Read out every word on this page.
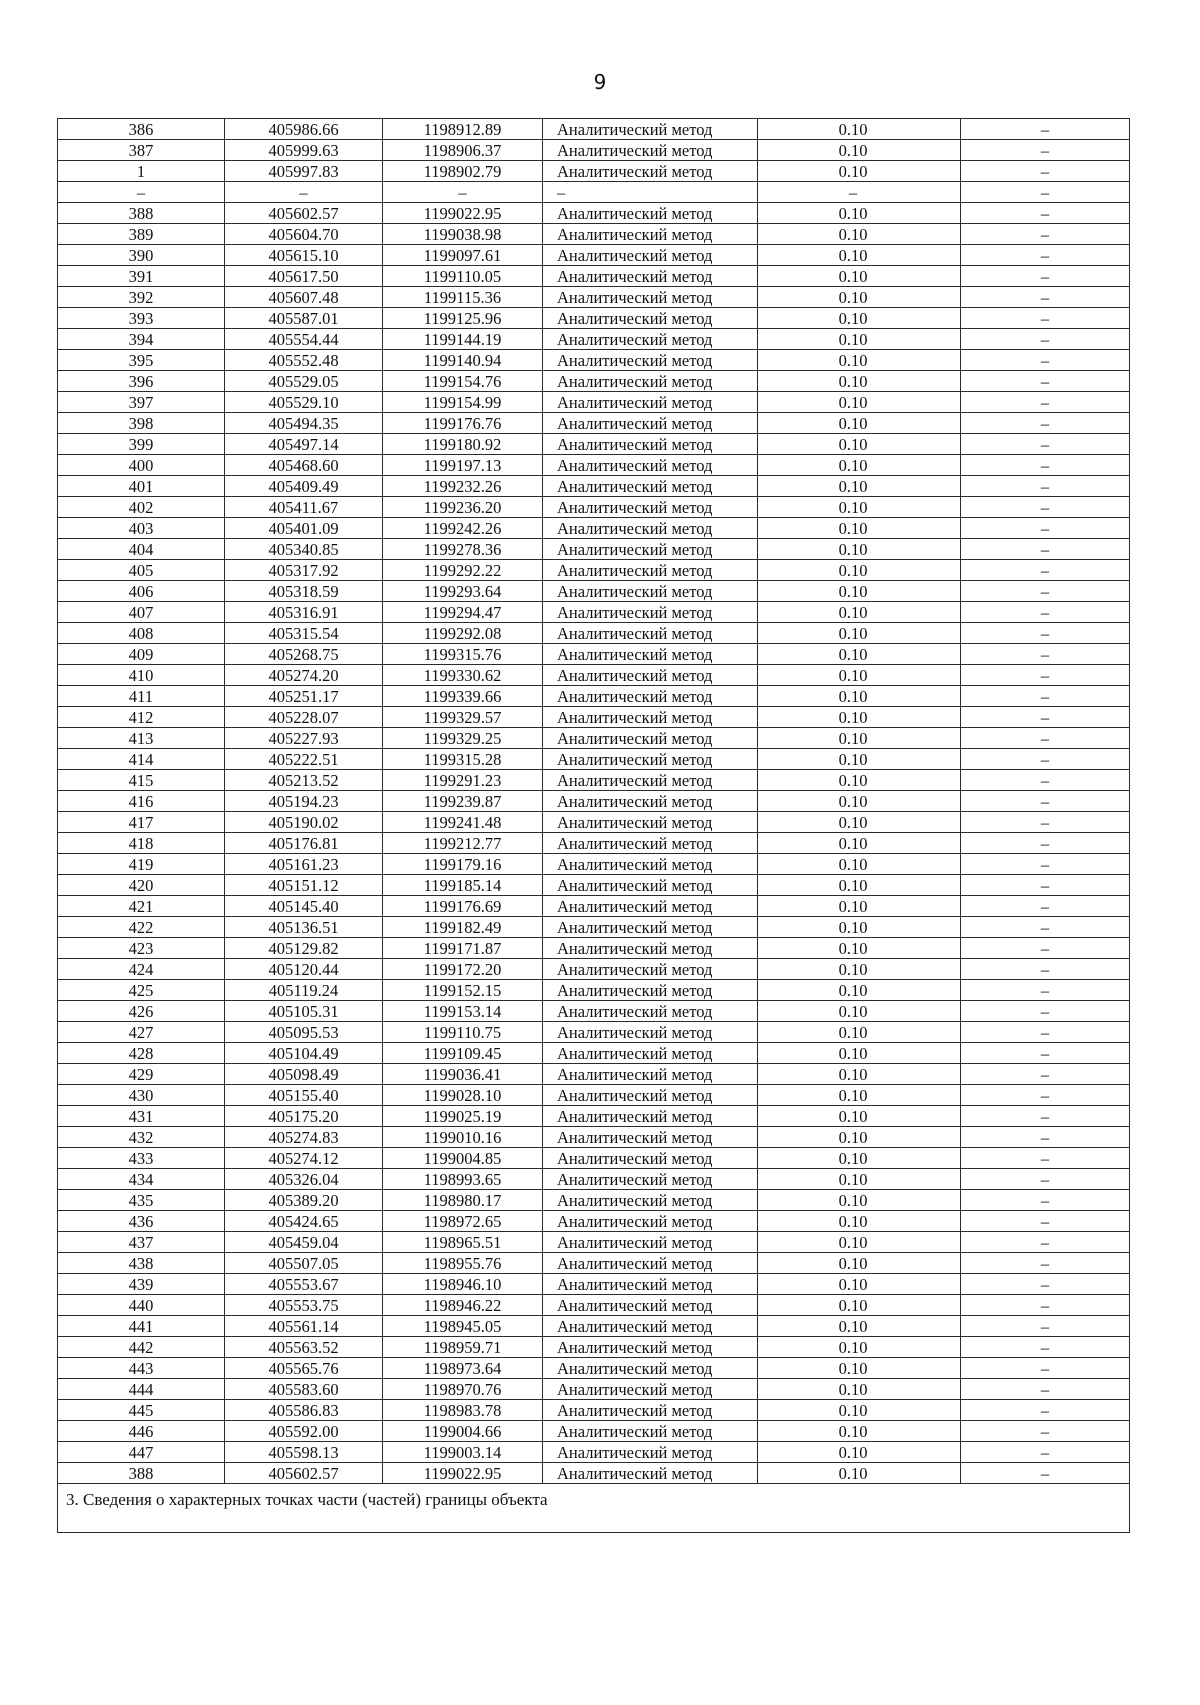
9
386	405986.66	1198912.89	Аналитический метод	0.10	–
387	405999.63	1198906.37	Аналитический метод	0.10	–
1	405997.83	1198902.79	Аналитический метод	0.10	–
–	–	–	–	–	–
388	405602.57	1199022.95	Аналитический метод	0.10	–
389	405604.70	1199038.98	Аналитический метод	0.10	–
390	405615.10	1199097.61	Аналитический метод	0.10	–
391	405617.50	1199110.05	Аналитический метод	0.10	–
392	405607.48	1199115.36	Аналитический метод	0.10	–
393	405587.01	1199125.96	Аналитический метод	0.10	–
394	405554.44	1199144.19	Аналитический метод	0.10	–
395	405552.48	1199140.94	Аналитический метод	0.10	–
396	405529.05	1199154.76	Аналитический метод	0.10	–
397	405529.10	1199154.99	Аналитический метод	0.10	–
398	405494.35	1199176.76	Аналитический метод	0.10	–
399	405497.14	1199180.92	Аналитический метод	0.10	–
400	405468.60	1199197.13	Аналитический метод	0.10	–
401	405409.49	1199232.26	Аналитический метод	0.10	–
402	405411.67	1199236.20	Аналитический метод	0.10	–
403	405401.09	1199242.26	Аналитический метод	0.10	–
404	405340.85	1199278.36	Аналитический метод	0.10	–
405	405317.92	1199292.22	Аналитический метод	0.10	–
406	405318.59	1199293.64	Аналитический метод	0.10	–
407	405316.91	1199294.47	Аналитический метод	0.10	–
408	405315.54	1199292.08	Аналитический метод	0.10	–
409	405268.75	1199315.76	Аналитический метод	0.10	–
410	405274.20	1199330.62	Аналитический метод	0.10	–
411	405251.17	1199339.66	Аналитический метод	0.10	–
412	405228.07	1199329.57	Аналитический метод	0.10	–
413	405227.93	1199329.25	Аналитический метод	0.10	–
414	405222.51	1199315.28	Аналитический метод	0.10	–
415	405213.52	1199291.23	Аналитический метод	0.10	–
416	405194.23	1199239.87	Аналитический метод	0.10	–
417	405190.02	1199241.48	Аналитический метод	0.10	–
418	405176.81	1199212.77	Аналитический метод	0.10	–
419	405161.23	1199179.16	Аналитический метод	0.10	–
420	405151.12	1199185.14	Аналитический метод	0.10	–
421	405145.40	1199176.69	Аналитический метод	0.10	–
422	405136.51	1199182.49	Аналитический метод	0.10	–
423	405129.82	1199171.87	Аналитический метод	0.10	–
424	405120.44	1199172.20	Аналитический метод	0.10	–
425	405119.24	1199152.15	Аналитический метод	0.10	–
426	405105.31	1199153.14	Аналитический метод	0.10	–
427	405095.53	1199110.75	Аналитический метод	0.10	–
428	405104.49	1199109.45	Аналитический метод	0.10	–
429	405098.49	1199036.41	Аналитический метод	0.10	–
430	405155.40	1199028.10	Аналитический метод	0.10	–
431	405175.20	1199025.19	Аналитический метод	0.10	–
432	405274.83	1199010.16	Аналитический метод	0.10	–
433	405274.12	1199004.85	Аналитический метод	0.10	–
434	405326.04	1198993.65	Аналитический метод	0.10	–
435	405389.20	1198980.17	Аналитический метод	0.10	–
436	405424.65	1198972.65	Аналитический метод	0.10	–
437	405459.04	1198965.51	Аналитический метод	0.10	–
438	405507.05	1198955.76	Аналитический метод	0.10	–
439	405553.67	1198946.10	Аналитический метод	0.10	–
440	405553.75	1198946.22	Аналитический метод	0.10	–
441	405561.14	1198945.05	Аналитический метод	0.10	–
442	405563.52	1198959.71	Аналитический метод	0.10	–
443	405565.76	1198973.64	Аналитический метод	0.10	–
444	405583.60	1198970.76	Аналитический метод	0.10	–
445	405586.83	1198983.78	Аналитический метод	0.10	–
446	405592.00	1199004.66	Аналитический метод	0.10	–
447	405598.13	1199003.14	Аналитический метод	0.10	–
388	405602.57	1199022.95	Аналитический метод	0.10	–
3. Сведения о характерных точках части (частей) границы объекта					
